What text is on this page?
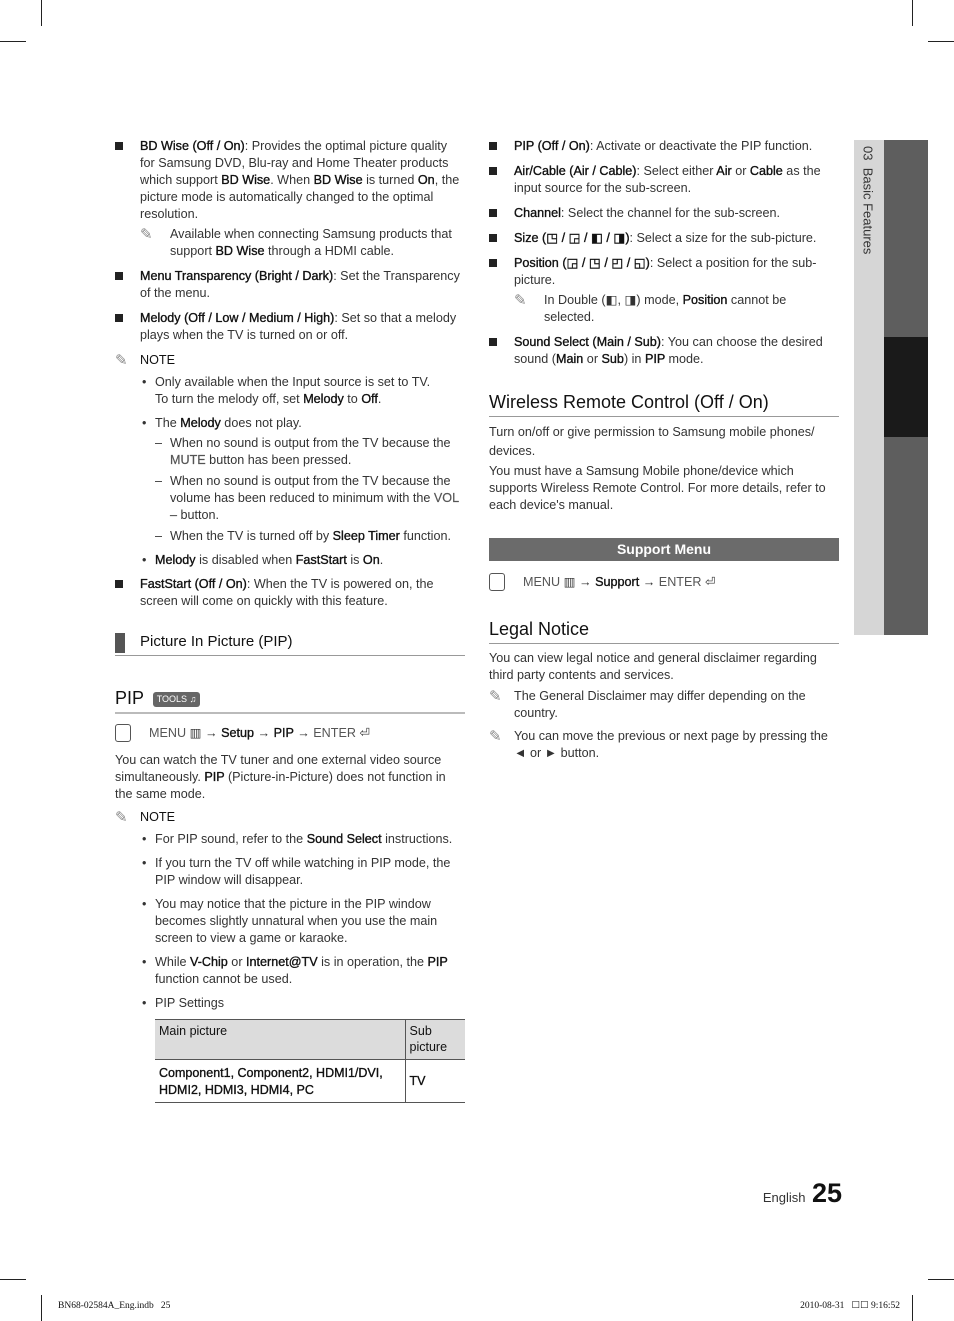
03  Basic Features
BD Wise (Off / On): Provides the optimal picture quality for Samsung DVD, Blu-ray and Home Theater products which support BD Wise. When BD Wise is turned On, the picture mode is automatically changed to the optimal resolution.
✎ Available when connecting Samsung products that support BD Wise through a HDMI cable.
Menu Transparency (Bright / Dark): Set the Transparency of the menu.
Melody (Off / Low / Medium / High): Set so that a melody plays when the TV is turned on or off.
✎ NOTE
• Only available when the Input source is set to TV.
To turn the melody off, set Melody to Off.
• The Melody does not play.
– When no sound is output from the TV because the MUTE button has been pressed.
– When no sound is output from the TV because the volume has been reduced to minimum with the VOL – button.
– When the TV is turned off by Sleep Timer function.
• Melody is disabled when FastStart is On.
FastStart (Off / On): When the TV is powered on, the screen will come on quickly with this feature.
Picture In Picture (PIP)
PIP TOOLS ♫
MENU ▥ → Setup → PIP → ENTER ⏎

You can watch the TV tuner and one external video source simultaneously. PIP (Picture-in-Picture) does not function in the same mode.

✎ NOTE
• For PIP sound, refer to the Sound Select instructions.
• If you turn the TV off while watching in PIP mode, the PIP window will disappear.
• You may notice that the picture in the PIP window becomes slightly unnatural when you use the main screen to view a game or karaoke.
• While V-Chip or Internet@TV is in operation, the PIP function cannot be used.
• PIP Settings
Main picture	Sub picture
Component1, Component2, HDMI1/DVI, HDMI2, HDMI3, HDMI4, PC	TV
PIP (Off / On): Activate or deactivate the PIP function.
Air/Cable (Air / Cable): Select either Air or Cable as the input source for the sub-screen.
Channel: Select the channel for the sub-screen.
Size (◳ / ◲ / ◧ / ◨): Select a size for the sub-picture.
Position (◲ / ◳ / ◰ / ◱): Select a position for the sub-picture.
✎ In Double (◧, ◨) mode, Position cannot be selected.
Sound Select (Main / Sub): You can choose the desired sound (Main or Sub) in PIP mode.
Wireless Remote Control (Off / On)

Turn on/off or give permission to Samsung mobile phones/ devices.

You must have a Samsung Mobile phone/device which supports Wireless Remote Control. For more details, refer to each device's manual.

Support Menu
MENU ▥ → Support → ENTER ⏎
Legal Notice

You can view legal notice and general disclaimer regarding third party contents and services.

✎ The General Disclaimer may differ depending on the country.
✎ You can move the previous or next page by pressing the ◄ or ► button.
English 25
BN68-02584A_Eng.indb   25	2010-08-31   ☐☐ 9:16:52
